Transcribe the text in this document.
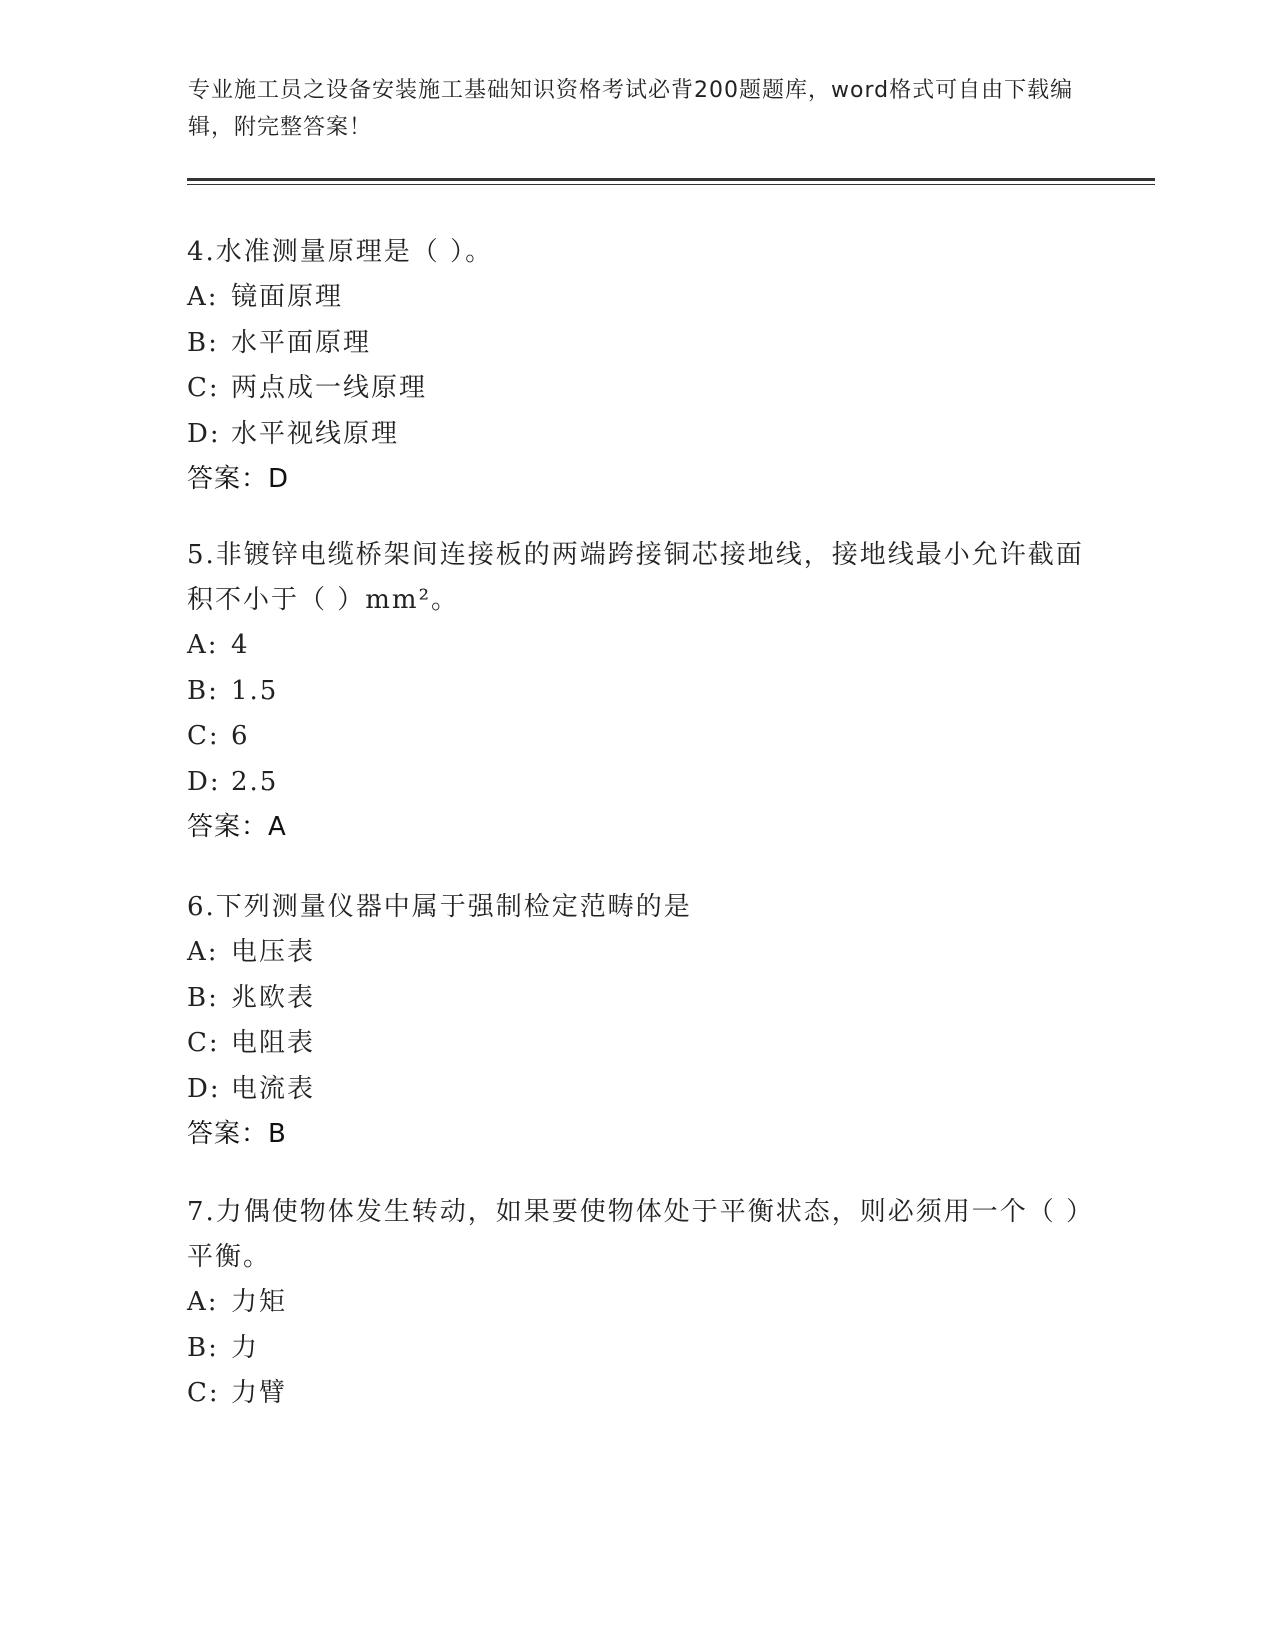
专业施工员之设备安装施工基础知识资格考试必背200题题库，word格式可自由下载编辑，附完整答案！

4.水准测量原理是（ ）。

A: 镜面原理
B: 水平面原理
C: 两点成一线原理
D: 水平视线原理
答案：D

5.非镀锌电缆桥架间连接板的两端跨接铜芯接地线，接地线最小允许截面积不小于（ ）mm²。

A: 4
B: 1.5
C: 6
D: 2.5
答案：A

6.下列测量仪器中属于强制检定范畴的是

A: 电压表
B: 兆欧表
C: 电阻表
D: 电流表
答案：B

7.力偶使物体发生转动，如果要使物体处于平衡状态，则必须用一个（ ）平衡。

A: 力矩
B: 力
C: 力臂
